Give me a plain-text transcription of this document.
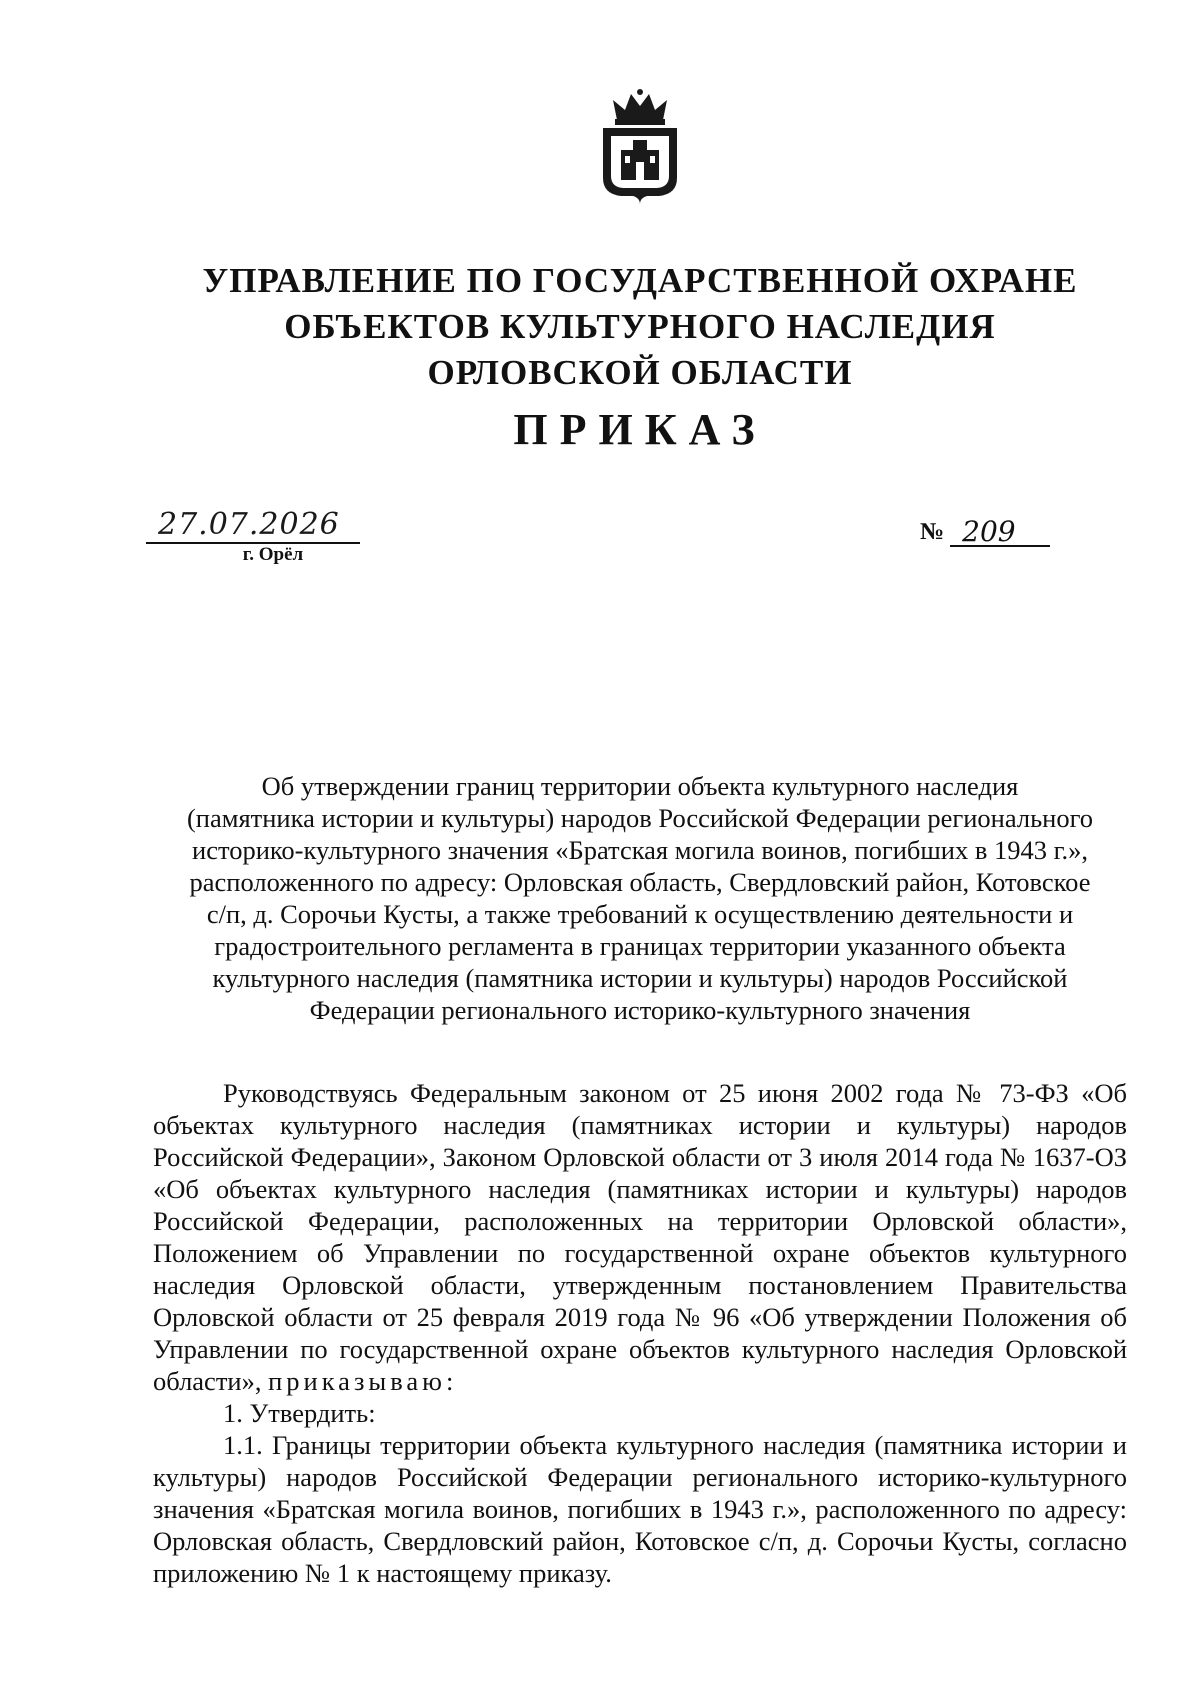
УПРАВЛЕНИЕ ПО ГОСУДАРСТВЕННОЙ ОХРАНЕ
ОБЪЕКТОВ КУЛЬТУРНОГО НАСЛЕДИЯ
ОРЛОВСКОЙ ОБЛАСТИ
ПРИКАЗ
27.07.2026
г. Орёл
№ 209
Об утверждении границ территории объекта культурного наследия
(памятника истории и культуры) народов Российской Федерации регионального
историко-культурного значения «Братская могила воинов, погибших в 1943 г.»,
расположенного по адресу: Орловская область, Свердловский район, Котовское
с/п, д. Сорочьи Кусты, а также требований к осуществлению деятельности и
градостроительного регламента в границах территории указанного объекта
культурного наследия (памятника истории и культуры) народов Российской
Федерации регионального историко-культурного значения

Руководствуясь Федеральным законом от 25 июня 2002 года № 73-ФЗ «Об объектах культурного наследия (памятниках истории и культуры) народов Российской Федерации», Законом Орловской области от 3 июля 2014 года № 1637-ОЗ «Об объектах культурного наследия (памятниках истории и культуры) народов Российской Федерации, расположенных на территории Орловской области», Положением об Управлении по государственной охране объектов культурного наследия Орловской области, утвержденным постановлением Правительства Орловской области от 25 февраля 2019 года № 96 «Об утверждении Положения об Управлении по государственной охране объектов культурного наследия Орловской области», приказываю:

1. Утвердить:

1.1. Границы территории объекта культурного наследия (памятника истории и культуры) народов Российской Федерации регионального историко-культурного значения «Братская могила воинов, погибших в 1943 г.», расположенного по адресу: Орловская область, Свердловский район, Котовское с/п, д. Сорочьи Кусты, согласно приложению № 1 к настоящему приказу.
